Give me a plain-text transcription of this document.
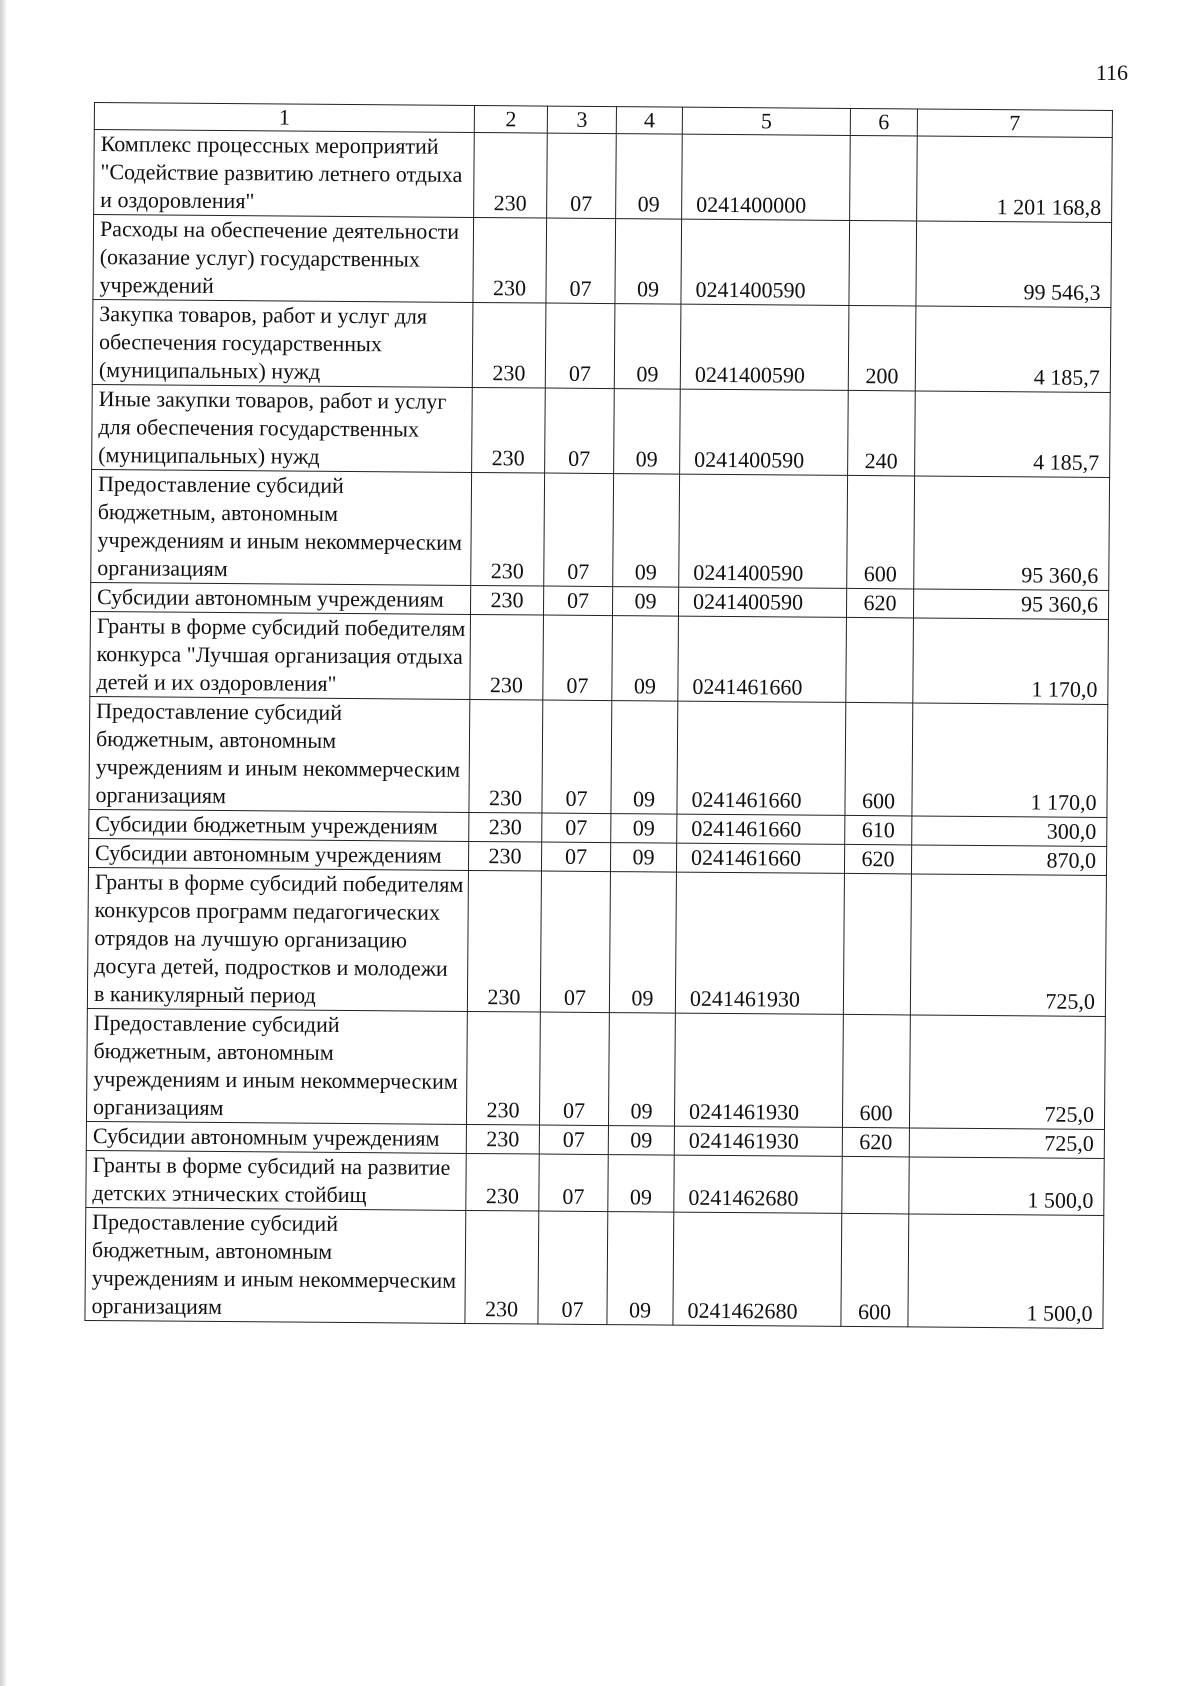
116
1	2	3	4	5	6	7
Комплекс процессных мероприятий "Содействие развитию летнего отдыха и оздоровления"	230	07	09	0241400000		1 201 168,8
Расходы на обеспечение деятельности (оказание услуг) государственных учреждений	230	07	09	0241400590		99 546,3
Закупка товаров, работ и услуг для обеспечения государственных (муниципальных) нужд	230	07	09	0241400590	200	4 185,7
Иные закупки товаров, работ и услуг для обеспечения государственных (муниципальных) нужд	230	07	09	0241400590	240	4 185,7
Предоставление субсидий бюджетным, автономным учреждениям и иным некоммерческим организациям	230	07	09	0241400590	600	95 360,6
Субсидии автономным учреждениям	230	07	09	0241400590	620	95 360,6
Гранты в форме субсидий победителям конкурса "Лучшая организация отдыха детей и их оздоровления"	230	07	09	0241461660		1 170,0
Предоставление субсидий бюджетным, автономным учреждениям и иным некоммерческим организациям	230	07	09	0241461660	600	1 170,0
Субсидии бюджетным учреждениям	230	07	09	0241461660	610	300,0
Субсидии автономным учреждениям	230	07	09	0241461660	620	870,0
Гранты в форме субсидий победителям конкурсов программ педагогических отрядов на лучшую организацию досуга детей, подростков и молодежи в каникулярный период	230	07	09	0241461930		725,0
Предоставление субсидий бюджетным, автономным учреждениям и иным некоммерческим организациям	230	07	09	0241461930	600	725,0
Субсидии автономным учреждениям	230	07	09	0241461930	620	725,0
Гранты в форме субсидий на развитие детских этнических стойбищ	230	07	09	0241462680		1 500,0
Предоставление субсидий бюджетным, автономным учреждениям и иным некоммерческим организациям	230	07	09	0241462680	600	1 500,0
